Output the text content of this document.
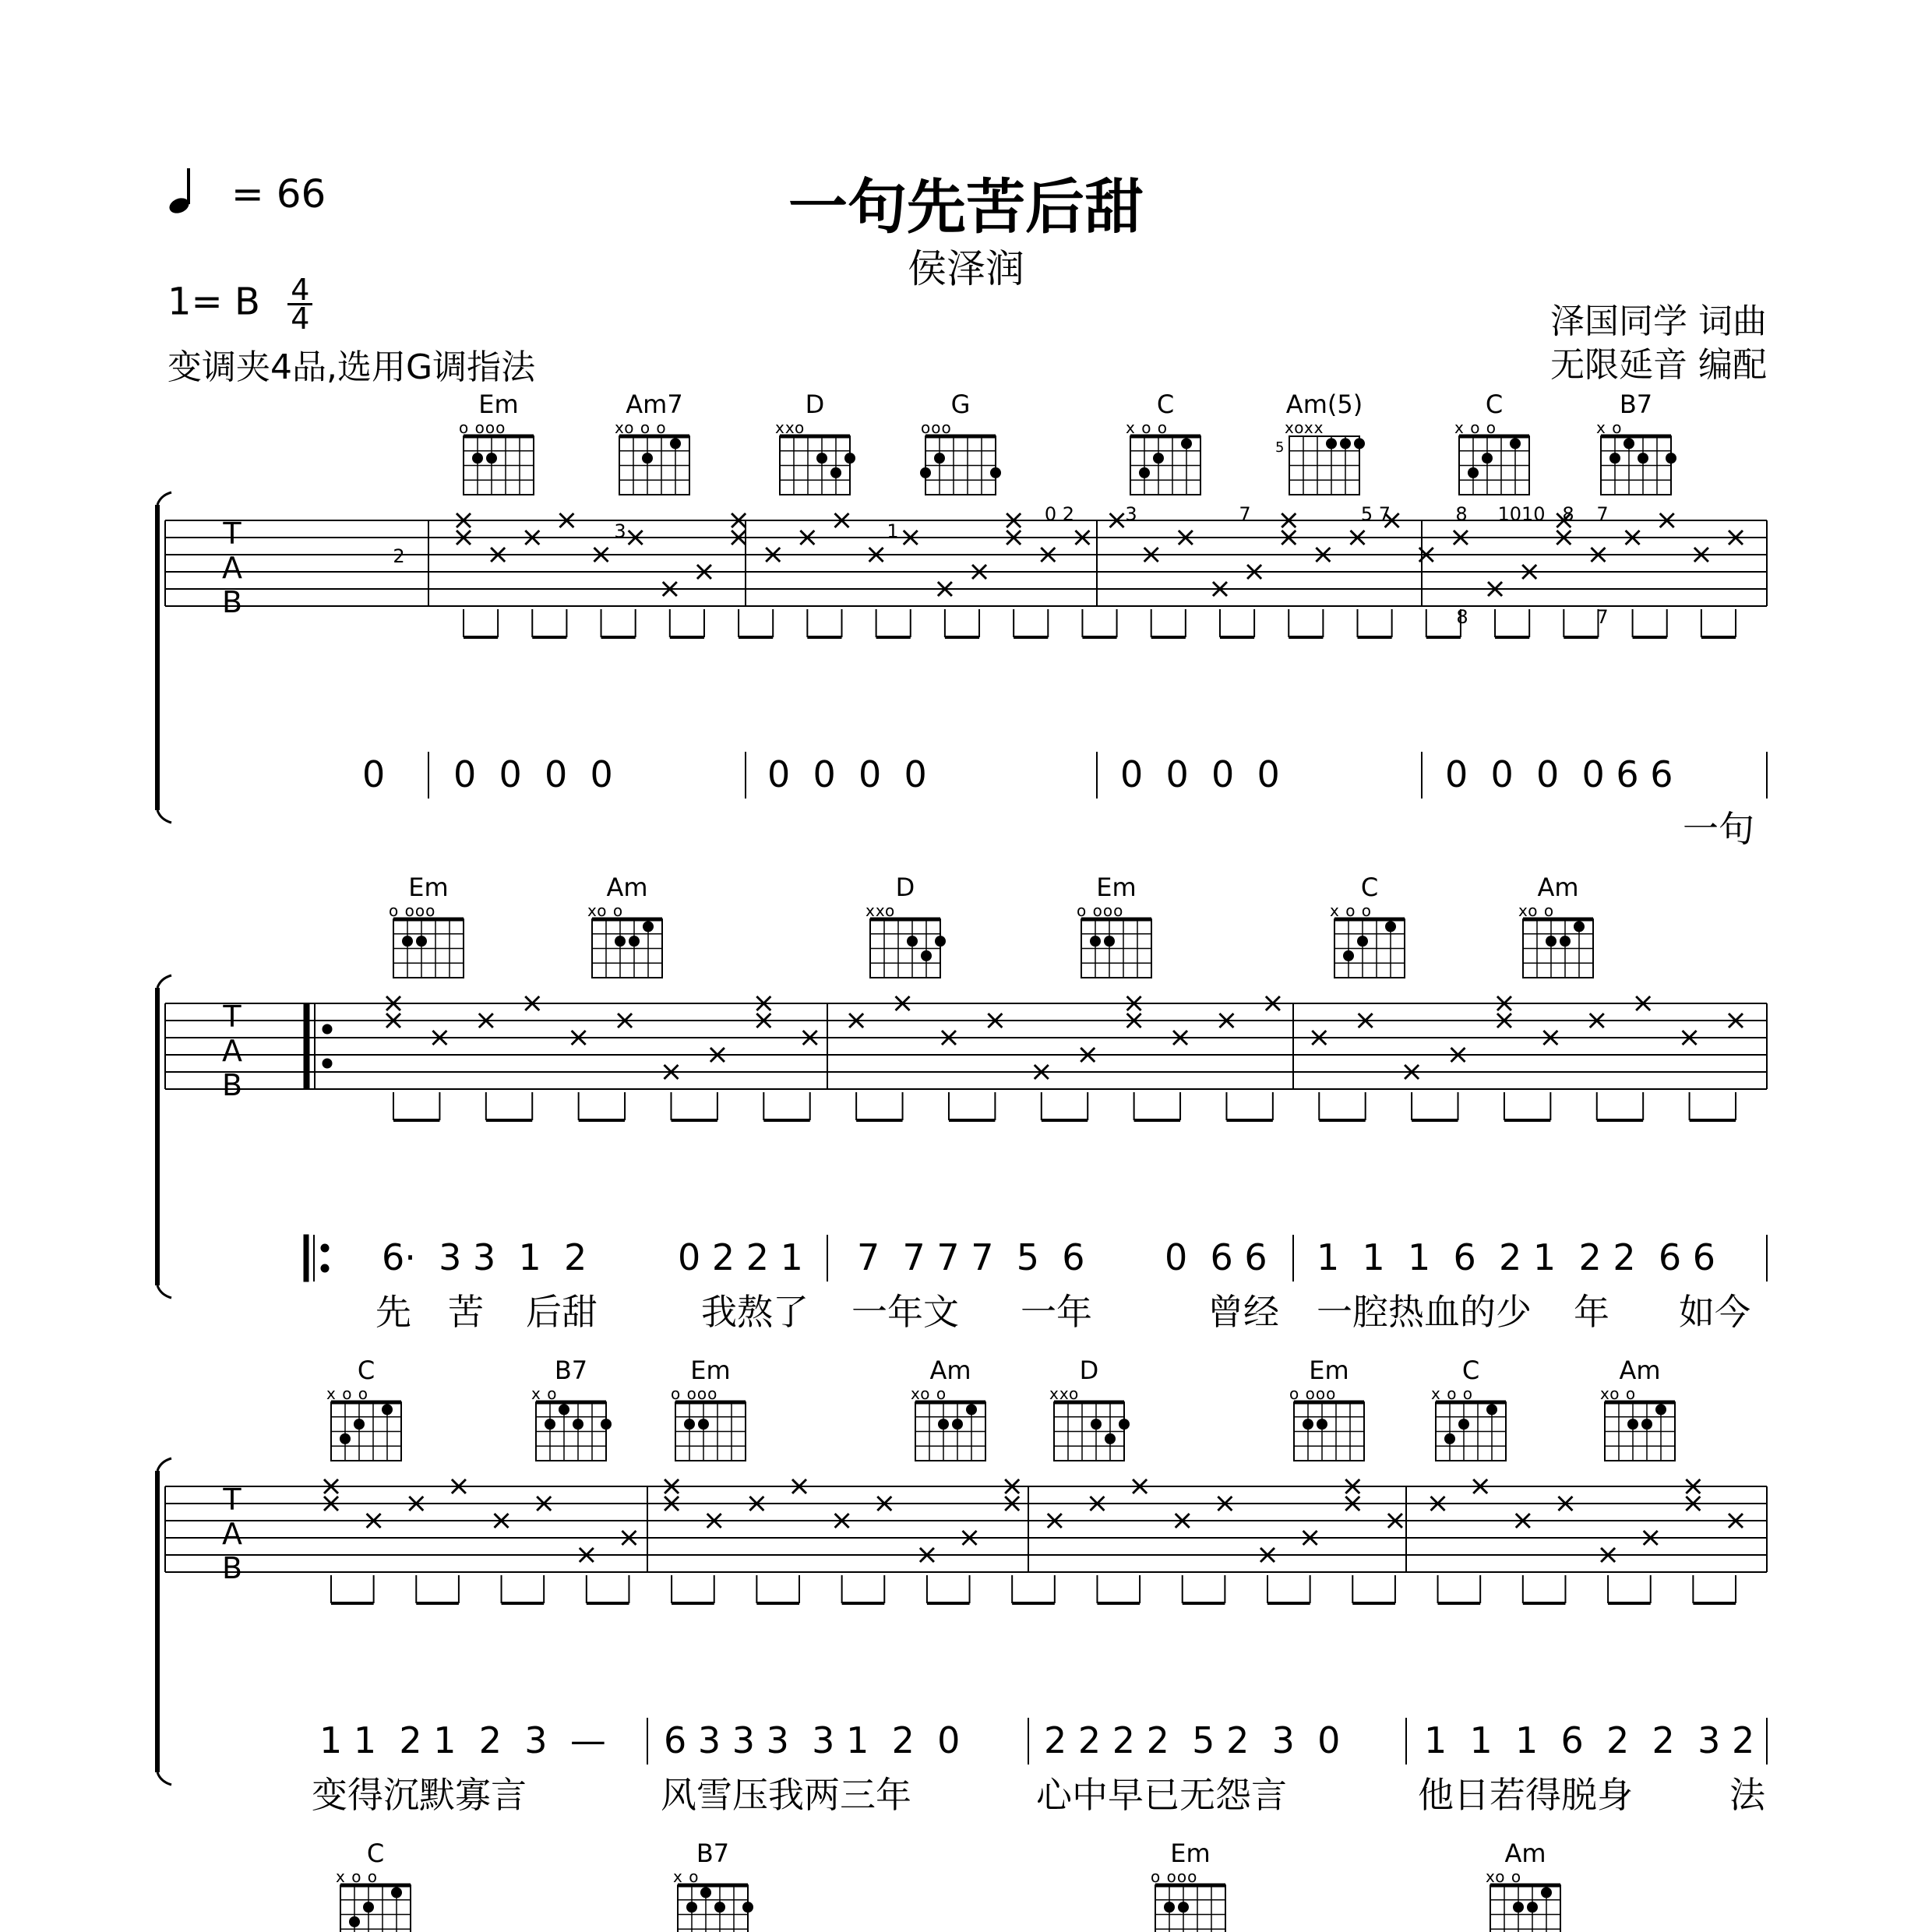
一句先苦后甜
侯泽润
= 66
1= B $\frac{4}{4}$
变调夹4品,选用G调指法
泽国同学 词曲
无限延音 编配
Em
o ooo
Am7
xo o o
D
xxo
G
ooo
C
x o o
Am(5)
xoxx
5
C
x o o
B7
x o
Em
o ooo
Am
xo o
D
xxo
Em
o ooo
C
x o o
Am
xo o
C
x o o
B7
x o
Em
o ooo
Am
xo o
D
xxo
Em
o ooo
C
x o o
Am
xo o
C
x o o
B7
x o
Em
o ooo
Am
xo o
T
A
B
2
3	1
0 2	3	7	5 7	8 1010 8 7
8	7
0 0  0  0  0	0  0  0  0	0  0  0  0	0  0  0  0 6 6
一句
T
A
B
6·  3 3  1  2	0 2 2 1 7  7 7 7  5  6 0  6 6 1  1  1  6  2 1  2 2  6 6
先 苦 后甜	我熬了 一年文 一年	曾经 一腔热血的少 年 如今
T
A
B
1 1  2 1  2  3  — 6 3 3 3  3 1  2  0 2 2 2 2  5 2  3  0 1  1  1  6  2  2  3 2
变得沉默寡言	风雪压我两三年	心中早已无怨言	他日若得脱身	法
